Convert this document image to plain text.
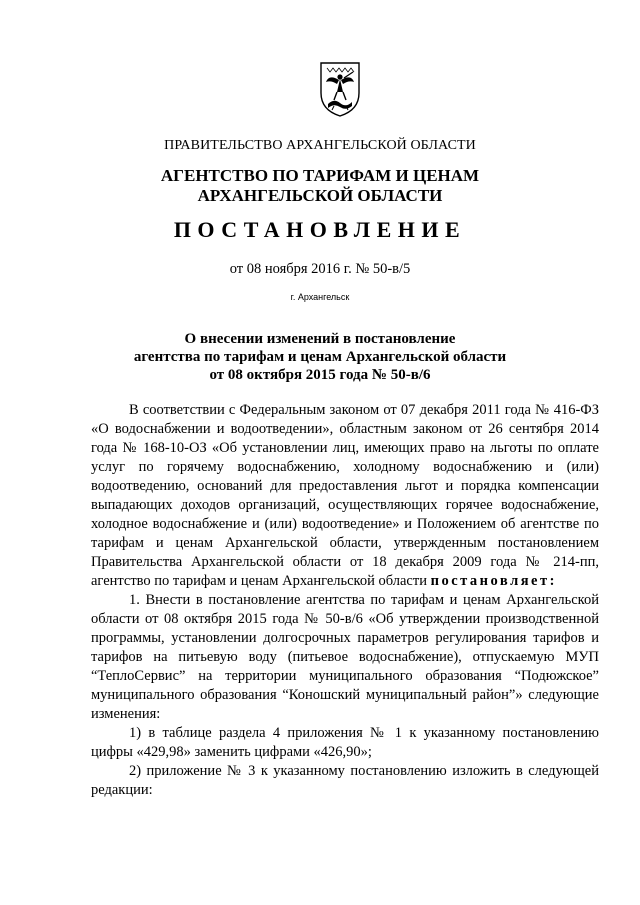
ПРАВИТЕЛЬСТВО АРХАНГЕЛЬСКОЙ ОБЛАСТИ
АГЕНТСТВО ПО ТАРИФАМ И ЦЕНАМ
АРХАНГЕЛЬСКОЙ ОБЛАСТИ
ПОСТАНОВЛЕНИЕ
от 08 ноября 2016 г. № 50-в/5
г. Архангельск
О внесении изменений в постановление
агентства по тарифам и ценам Архангельской области
от 08 октября 2015 года № 50-в/6

В соответствии с Федеральным законом от 07 декабря 2011 года № 416-ФЗ «О водоснабжении и водоотведении», областным законом от 26 сентября 2014 года № 168-10-ОЗ «Об установлении лиц, имеющих право на льготы по оплате услуг по горячему водоснабжению, холодному водоснабжению и (или) водоотведению, оснований для предоставления льгот и порядка компенсации выпадающих доходов организаций, осуществляющих горячее водоснабжение, холодное водоснабжение и (или) водоотведение» и Положением об агентстве по тарифам и ценам Архангельской области, утвержденным постановлением Правительства Архангельской области от 18 декабря 2009 года № 214-пп, агентство по тарифам и ценам Архангельской области постановляет:

1. Внести в постановление агентства по тарифам и ценам Архангельской области от 08 октября 2015 года № 50-в/6 «Об утверждении производственной программы, установлении долгосрочных параметров регулирования тарифов и тарифов на питьевую воду (питьевое водоснабжение), отпускаемую МУП “ТеплоСервис” на территории муниципального образования “Подюжское” муниципального образования “Коношский муниципальный район”» следующие изменения:

1) в таблице раздела 4 приложения № 1 к указанному постановлению цифры «429,98» заменить цифрами «426,90»;

2) приложение № 3 к указанному постановлению изложить в следующей редакции:
